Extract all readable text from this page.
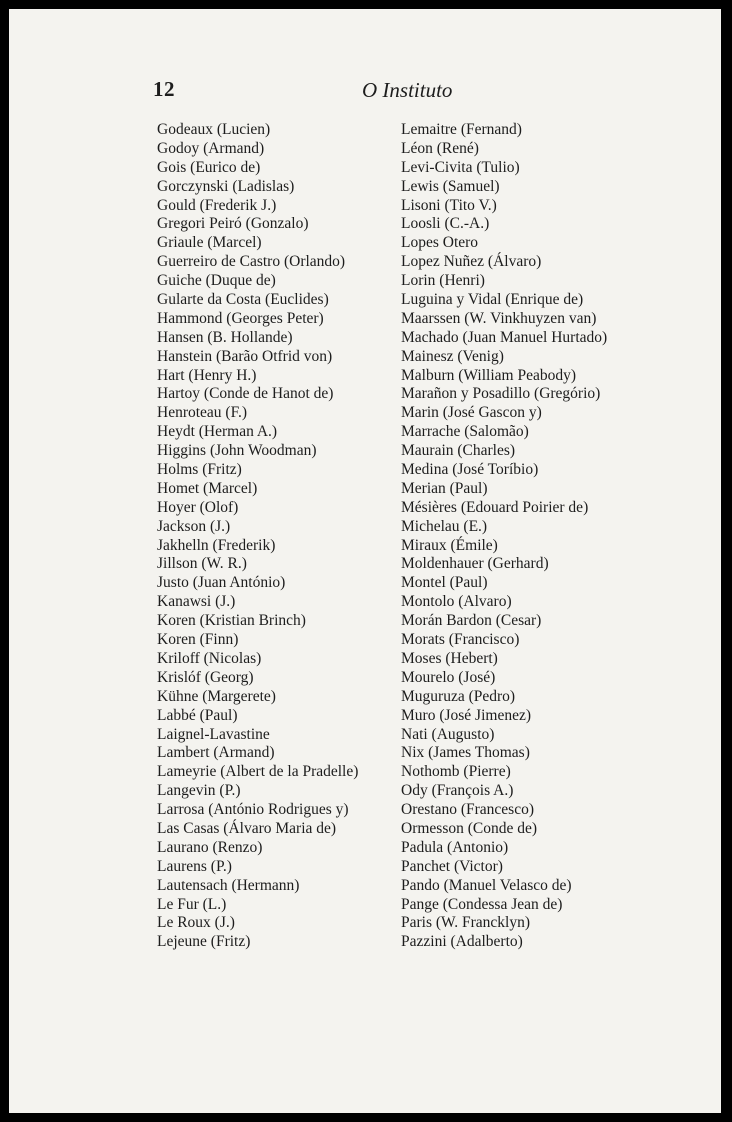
12	O Instituto
Godeaux (Lucien)
Godoy (Armand)
Gois (Eurico de)
Gorczynski (Ladislas)
Gould (Frederik J.)
Gregori Peiró (Gonzalo)
Griaule (Marcel)
Guerreiro de Castro (Orlando)
Guiche (Duque de)
Gularte da Costa (Euclides)
Hammond (Georges Peter)
Hansen (B. Hollande)
Hanstein (Barão Otfrid von)
Hart (Henry H.)
Hartoy (Conde de Hanot de)
Henroteau (F.)
Heydt (Herman A.)
Higgins (John Woodman)
Holms (Fritz)
Homet (Marcel)
Hoyer (Olof)
Jackson (J.)
Jakhelln (Frederik)
Jillson (W. R.)
Justo (Juan António)
Kanawsi (J.)
Koren (Kristian Brinch)
Koren (Finn)
Kriloff (Nicolas)
Krislóf (Georg)
Kühne (Margerete)
Labbé (Paul)
Laignel-Lavastine
Lambert (Armand)
Lameyrie (Albert de la Pradelle)
Langevin (P.)
Larrosa (António Rodrigues y)
Las Casas (Álvaro Maria de)
Laurano (Renzo)
Laurens (P.)
Lautensach (Hermann)
Le Fur (L.)
Le Roux (J.)
Lejeune (Fritz)
Lemaitre (Fernand)
Léon (René)
Levi-Civita (Tulio)
Lewis (Samuel)
Lisoni (Tito V.)
Loosli (C.-A.)
Lopes Otero
Lopez Nuñez (Álvaro)
Lorin (Henri)
Luguina y Vidal (Enrique de)
Maarssen (W. Vinkhuyzen van)
Machado (Juan Manuel Hurtado)
Mainesz (Venig)
Malburn (William Peabody)
Marañon y Posadillo (Gregório)
Marin (José Gascon y)
Marrache (Salomão)
Maurain (Charles)
Medina (José Toríbio)
Merian (Paul)
Mésières (Edouard Poirier de)
Michelau (E.)
Miraux (Émile)
Moldenhauer (Gerhard)
Montel (Paul)
Montolo (Alvaro)
Morán Bardon (Cesar)
Morats (Francisco)
Moses (Hebert)
Mourelo (José)
Muguruza (Pedro)
Muro (José Jimenez)
Nati (Augusto)
Nix (James Thomas)
Nothomb (Pierre)
Ody (François A.)
Orestano (Francesco)
Ormesson (Conde de)
Padula (Antonio)
Panchet (Victor)
Pando (Manuel Velasco de)
Pange (Condessa Jean de)
Paris (W. Francklyn)
Pazzini (Adalberto)
